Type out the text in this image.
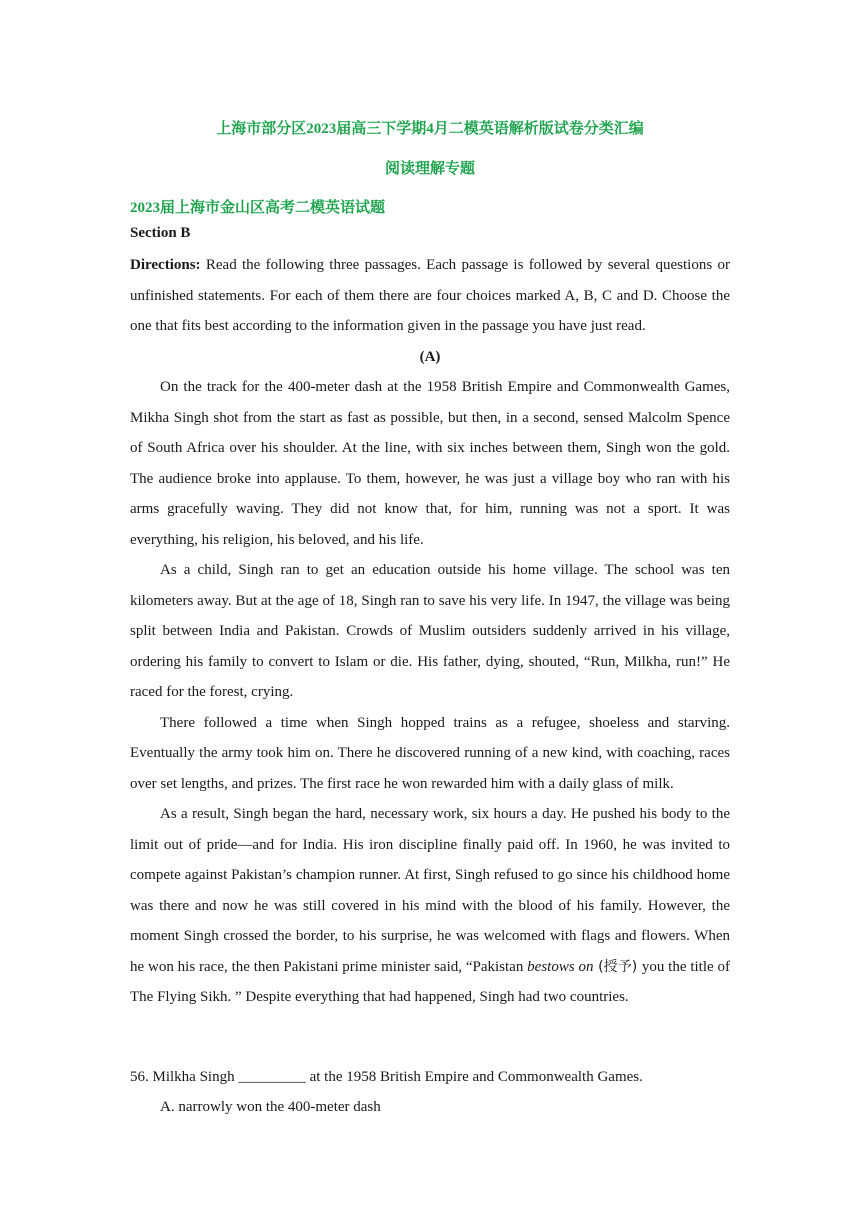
上海市部分区2023届高三下学期4月二模英语解析版试卷分类汇编
阅读理解专题
2023届上海市金山区高考二模英语试题
Section B

Directions: Read the following three passages. Each passage is followed by several questions or unfinished statements. For each of them there are four choices marked A, B, C and D. Choose the one that fits best according to the information given in the passage you have just read.

(A)

On the track for the 400-meter dash at the 1958 British Empire and Commonwealth Games, Mikha Singh shot from the start as fast as possible, but then, in a second, sensed Malcolm Spence of South Africa over his shoulder. At the line, with six inches between them, Singh won the gold. The audience broke into applause. To them, however, he was just a village boy who ran with his arms gracefully waving. They did not know that, for him, running was not a sport. It was everything, his religion, his beloved, and his life.

As a child, Singh ran to get an education outside his home village. The school was ten kilometers away. But at the age of 18, Singh ran to save his very life. In 1947, the village was being split between India and Pakistan. Crowds of Muslim outsiders suddenly arrived in his village, ordering his family to convert to Islam or die. His father, dying, shouted, “Run, Milkha, run!” He raced for the forest, crying.

There followed a time when Singh hopped trains as a refugee, shoeless and starving. Eventually the army took him on. There he discovered running of a new kind, with coaching, races over set lengths, and prizes. The first race he won rewarded him with a daily glass of milk.

As a result, Singh began the hard, necessary work, six hours a day. He pushed his body to the limit out of pride—and for India. His iron discipline finally paid off. In 1960, he was invited to compete against Pakistan’s champion runner. At first, Singh refused to go since his childhood home was there and now he was still covered in his mind with the blood of his family. However, the moment Singh crossed the border, to his surprise, he was welcomed with flags and flowers. When he won his race, the then Pakistani prime minister said, “Pakistan bestows on (授予) you the title of The Flying Sikh. ” Despite everything that had happened, Singh had two countries.

56. Milkha Singh _________ at the 1958 British Empire and Commonwealth Games.
A. narrowly won the 400-meter dash
